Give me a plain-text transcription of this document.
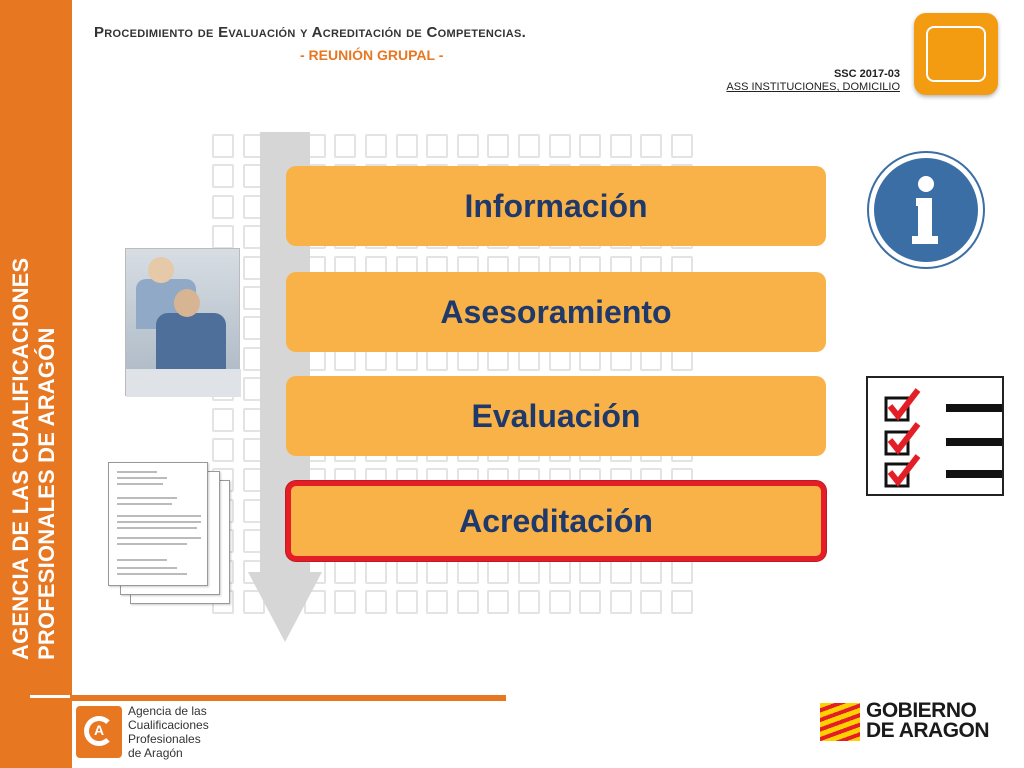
AGENCIA DE LAS CUALIFICACIONES PROFESIONALES DE ARAGÓN
Procedimiento de Evaluación y Acreditación de Competencias.
- REUNIÓN GRUPAL -
SSC 2017-03
ASS INSTITUCIONES, DOMICILIO
Información
Asesoramiento
Evaluación
Acreditación
A
Agencia de las
Cualificaciones
Profesionales
de Aragón
GOBIERNO
DE ARAGON
